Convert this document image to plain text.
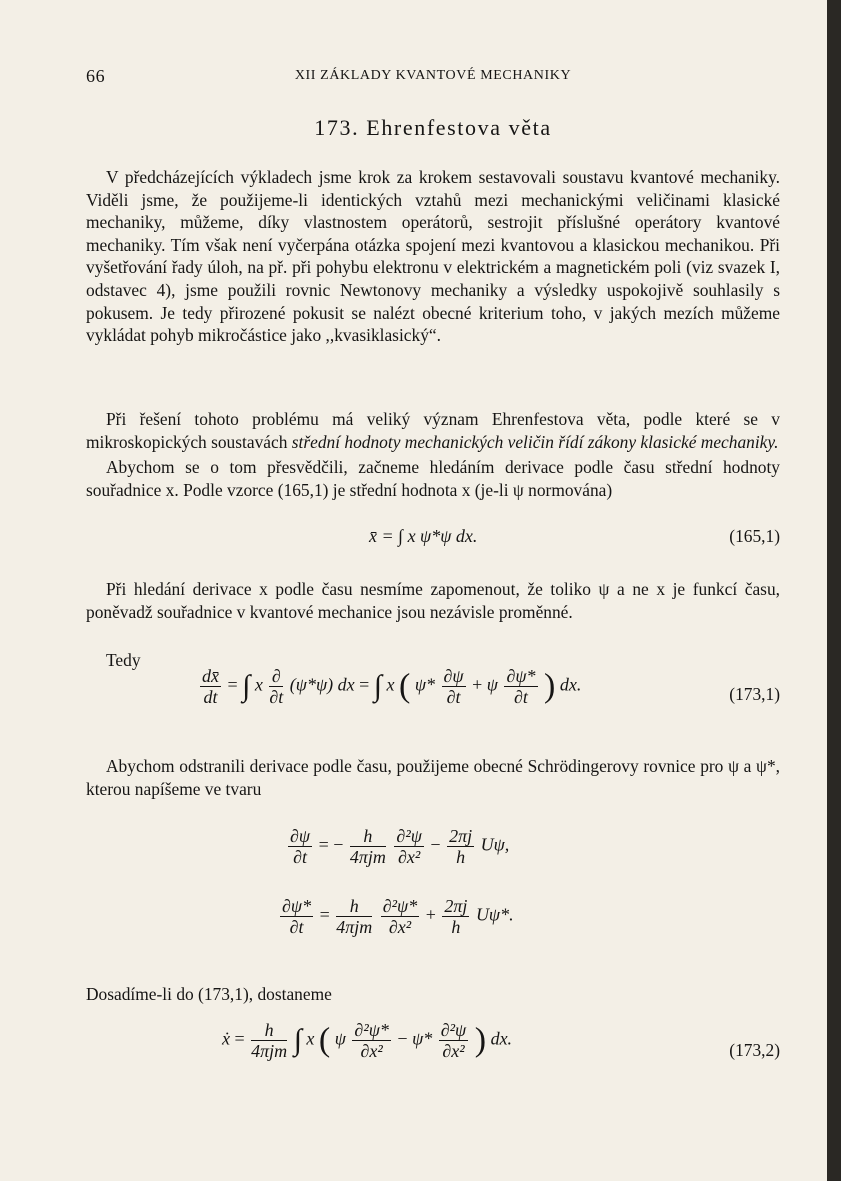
66	XII ZÁKLADY KVANTOVÉ MECHANIKY
173. Ehrenfestova věta
V předcházejících výkladech jsme krok za krokem sestavovali soustavu kvantové mechaniky. Viděli jsme, že použijeme-li identických vztahů mezi mechanickými veličinami klasické mechaniky, můžeme, díky vlastnostem operátorů, sestrojit příslušné operátory kvantové mechaniky. Tím však není vyčerpána otázka spojení mezi kvantovou a klasickou mechanikou. Při vyšetřování řady úloh, na př. při pohybu elektronu v elektrickém a magnetickém poli (viz svazek I, odstavec 4), jsme použili rovnic Newtonovy mechaniky a výsledky uspokojivě souhlasily s pokusem. Je tedy přirozené pokusit se nalézt obecné kriterium toho, v jakých mezích můžeme vykládat pohyb mikročástice jako ,,kvasiklasický“.
Při řešení tohoto problému má veliký význam Ehrenfestova věta, podle které se v mikroskopických soustavách střední hodnoty mechanických veličin řídí zákony klasické mechaniky.
Abychom se o tom přesvědčili, začneme hledáním derivace podle času střední hodnoty souřadnice x. Podle vzorce (165,1) je střední hodnota x (je-li ψ normována)
x̄ = ∫ x ψ*ψ dx.	(165,1)
Při hledání derivace x podle času nesmíme zapomenout, že toliko ψ a ne x je funkcí času, poněvadž souřadnice v kvantové mechanice jsou nezávisle proměnné.
Tedy
$\frac{dx̄}{dt}$ = ∫ x $\frac{\partial}{\partial t} (\psi*\psi)$ dx = ∫ x ( $\psi* \frac{\partial\psi}{\partial t} + \psi \frac{\partial\psi*}{\partial t}$ ) dx.	(173,1)
Abychom odstranili derivace podle času, použijeme obecné Schrödingerovy rovnice pro ψ a ψ*, kterou napíšeme ve tvaru
$\frac{\partial\psi}{\partial t}$ = − $\frac{h}{\text{4πjm}}$
$\frac{\text{∂²ψ}}{\text{∂x²}} - \frac{2\pi j}{h} U\psi$,
$\frac{\partial\psi*}{\partial t} = \frac{h}{\text{4πjm}}$
$\frac{\text{∂²ψ*}}{\text{∂x²}} + \frac{2\pi j}{h} U\psi*$.
Dosadíme-li do (173,1), dostaneme
ẋ = $\frac{h}{\text{4πjm}}$ ∫ x ( ψ $\frac{\text{∂²ψ*}}{\text{∂x²}} - \psi* \frac{\text{∂²ψ}}{\text{∂x²}}$ ) dx.
(173,2)
